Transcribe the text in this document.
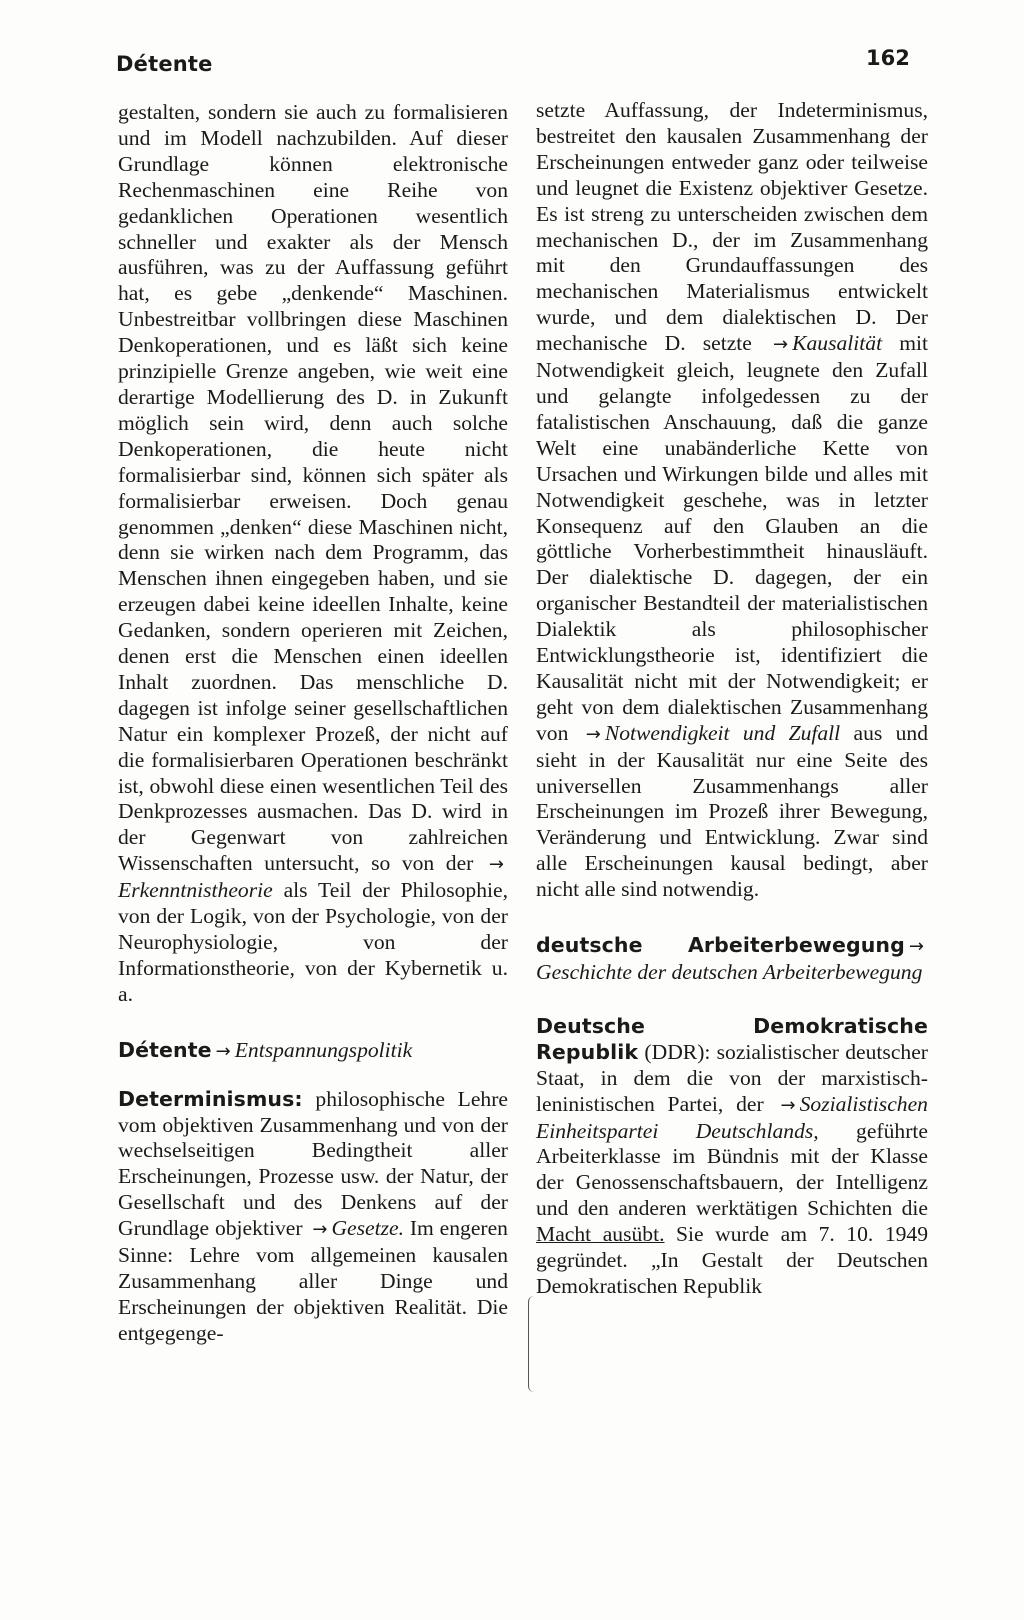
Détente	162

gestalten, sondern sie auch zu formalisieren und im Modell nachzubilden. Auf dieser Grundlage können elektronische Rechenmaschinen eine Reihe von gedanklichen Operationen wesentlich schneller und exakter als der Mensch ausführen, was zu der Auffassung geführt hat, es gebe „denkende“ Maschinen. Unbestreitbar vollbringen diese Maschinen Denkoperationen, und es läßt sich keine prinzipielle Grenze angeben, wie weit eine derartige Modellierung des D. in Zukunft möglich sein wird, denn auch solche Denkoperationen, die heute nicht formalisierbar sind, können sich später als formalisierbar erweisen. Doch genau genommen „denken“ diese Maschinen nicht, denn sie wirken nach dem Programm, das Menschen ihnen eingegeben haben, und sie erzeugen dabei keine ideellen Inhalte, keine Gedanken, sondern operieren mit Zeichen, denen erst die Menschen einen ideellen Inhalt zuordnen. Das menschliche D. dagegen ist infolge seiner gesellschaftlichen Natur ein komplexer Prozeß, der nicht auf die formalisierbaren Operationen beschränkt ist, obwohl diese einen wesentlichen Teil des Denkprozesses ausmachen. Das D. wird in der Gegenwart von zahlreichen Wissenschaften untersucht, so von der →Erkenntnistheorie als Teil der Philosophie, von der Logik, von der Psychologie, von der Neurophysiologie, von der Informationstheorie, von der Kybernetik u. a.

Détente → Entspannungspolitik

Determinismus: philosophische Lehre vom objektiven Zusammenhang und von der wechselseitigen Bedingtheit aller Erscheinungen, Prozesse usw. der Natur, der Gesellschaft und des Denkens auf der Grundlage objektiver → Gesetze. Im engeren Sinne: Lehre vom allgemeinen kausalen Zusammenhang aller Dinge und Erscheinungen der objektiven Realität. Die entgegenge-

setzte Auffassung, der Indeterminismus, bestreitet den kausalen Zusammenhang der Erscheinungen entweder ganz oder teilweise und leugnet die Existenz objektiver Gesetze. Es ist streng zu unterscheiden zwischen dem mechanischen D., der im Zusammenhang mit den Grundauffassungen des mechanischen Materialismus entwickelt wurde, und dem dialektischen D. Der mechanische D. setzte → Kausalität mit Notwendigkeit gleich, leugnete den Zufall und gelangte infolgedessen zu der fatalistischen Anschauung, daß die ganze Welt eine unabänderliche Kette von Ursachen und Wirkungen bilde und alles mit Notwendigkeit geschehe, was in letzter Konsequenz auf den Glauben an die göttliche Vorherbestimmtheit hinausläuft. Der dialektische D. dagegen, der ein organischer Bestandteil der materialistischen Dialektik als philosophischer Entwicklungstheorie ist, identifiziert die Kausalität nicht mit der Notwendigkeit; er geht von dem dialektischen Zusammenhang von → Notwendigkeit und Zufall aus und sieht in der Kausalität nur eine Seite des universellen Zusammenhangs aller Erscheinungen im Prozeß ihrer Bewegung, Veränderung und Entwicklung. Zwar sind alle Erscheinungen kausal bedingt, aber nicht alle sind notwendig.

deutsche Arbeiterbewegung →Geschichte der deutschen Arbeiterbewegung

Deutsche Demokratische Republik (DDR): sozialistischer deutscher Staat, in dem die von der marxistisch-leninistischen Partei, der → Sozialistischen Einheitspartei Deutschlands, geführte Arbeiterklasse im Bündnis mit der Klasse der Genossenschaftsbauern, der Intelligenz und den anderen werktätigen Schichten die Macht ausübt. Sie wurde am 7. 10. 1949 gegründet. „In Gestalt der Deutschen Demokratischen Republik
